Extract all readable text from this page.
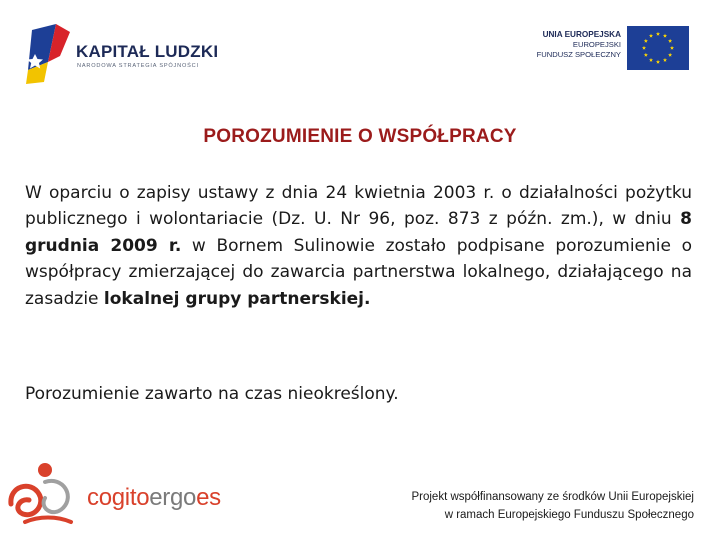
KAPITAŁ LUDZKI
NARODOWA STRATEGIA SPÓJNOŚCI
UNIA EUROPEJSKA
EUROPEJSKI
FUNDUSZ SPOŁECZNY
POROZUMIENIE O WSPÓŁPRACY

W oparciu o zapisy ustawy z dnia 24 kwietnia 2003 r. o działalności pożytku publicznego i wolontariacie (Dz. U. Nr 96, poz. 873 z późn. zm.), w dniu 8 grudnia 2009 r. w Bornem Sulinowie zostało podpisane porozumienie o współpracy zmierzającej do zawarcia partnerstwa lokalnego, działającego na zasadzie lokalnej grupy partnerskiej.

Porozumienie zawarto na czas nieokreślony.

cogitoergoes	Projekt współfinansowany ze środków Unii Europejskiej
w ramach Europejskiego Funduszu Społecznego
